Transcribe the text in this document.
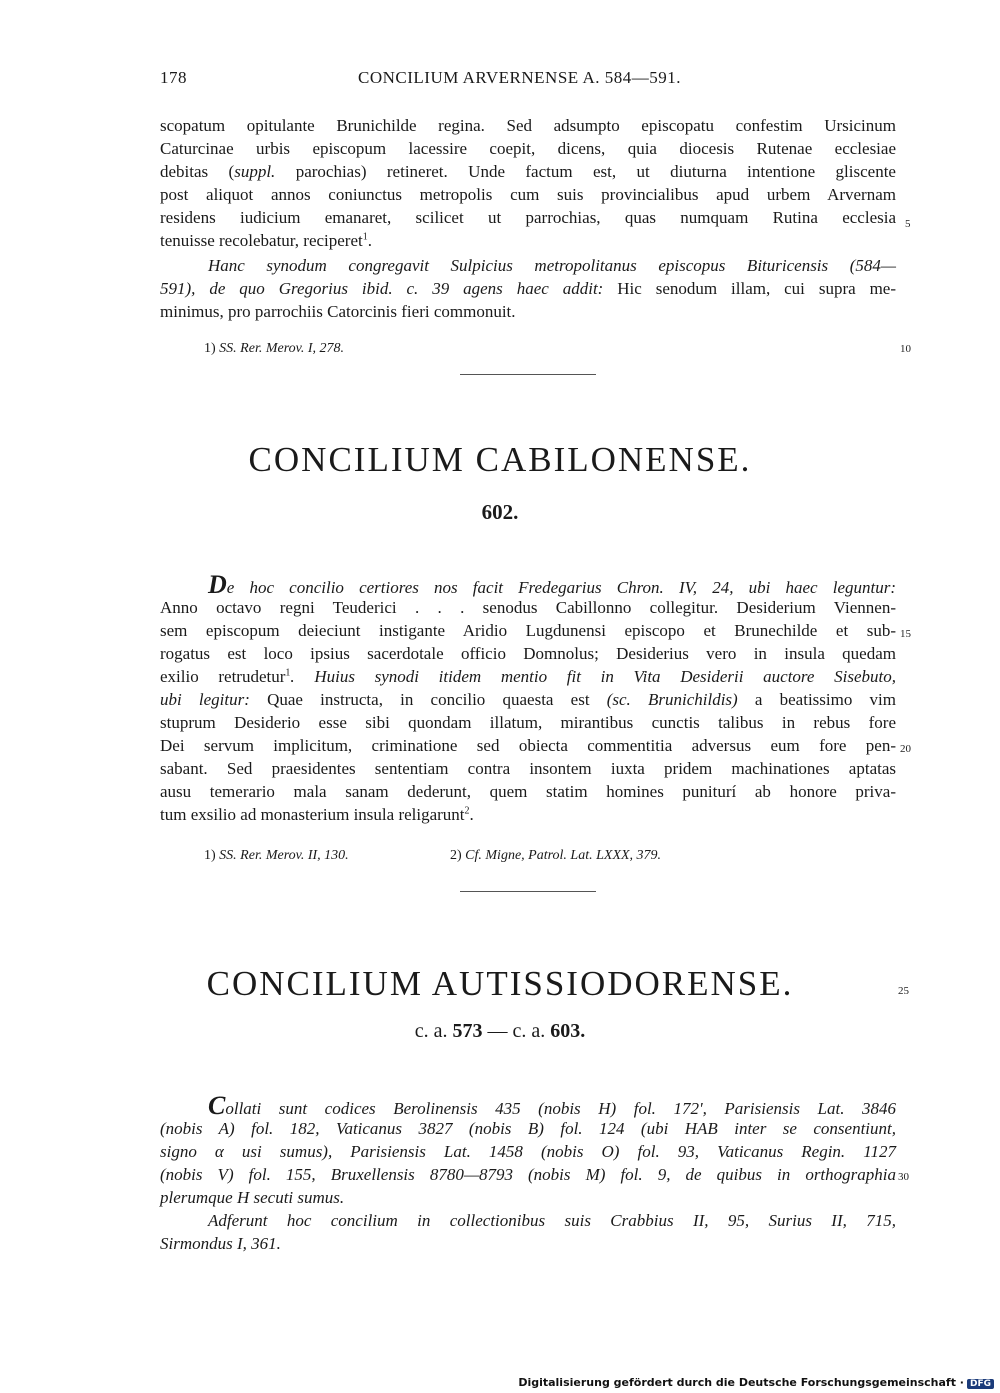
178	CONCILIUM ARVERNENSE A. 584—591.
scopatum opitulante Brunichilde regina. Sed adsumpto episcopatu confestim Ursicinum
Caturcinae urbis episcopum lacessire coepit, dicens, quia diocesis Rutenae ecclesiae
debitas (suppl. parochias) retineret. Unde factum est, ut diuturna intentione gliscente
post aliquot annos coniunctus metropolis cum suis provincialibus apud urbem Arvernam
residens iudicium emanaret, scilicet ut parrochias, quas numquam Rutina ecclesia
tenuisse recolebatur, reciperet$^1$.
Hanc synodum congregavit Sulpicius metropolitanus episcopus Bituricensis (584—
591), de quo Gregorius ibid. c. 39 agens haec addit: Hic senodum illam, cui supra me-
minimus, pro parrochiis Catorcinis fieri commonuit.
5
1) SS. Rer. Merov. I, 278.	10
CONCILIUM CABILONENSE.
602.
De hoc concilio certiores nos facit Fredegarius Chron. IV, 24, ubi haec leguntur:
Anno octavo regni Teuderici . . . senodus Cabillonno collegitur. Desiderium Viennen-
sem episcopum deieciunt instigante Aridio Lugdunensi episcopo et Brunechilde et sub-
rogatus est loco ipsius sacerdotale officio Domnolus; Desiderius vero in insula quedam
exilio retrudetur$^1$. Huius synodi itidem mentio fit in Vita Desiderii auctore Sisebuto,
ubi legitur: Quae instructa, in concilio quaesta est (sc. Brunichildis) a beatissimo vim
stuprum Desiderio esse sibi quondam illatum, mirantibus cunctis talibus in rebus fore
Dei servum implicitum, criminatione sed obiecta commentitia adversus eum fore pen-
sabant. Sed praesidentes sententiam contra insontem iuxta pridem machinationes aptatas
ausu temerario mala sanam dederunt, quem statim homines puniturí ab honore priva-
tum exsilio ad monasterium insula religarunt$^2$.
15
20
1) SS. Rer. Merov. II, 130.	2) Cf. Migne, Patrol. Lat. LXXX, 379.
CONCILIUM AUTISSIODORENSE.	25
c. a. 573 — c. a. 603.
Collati sunt codices Berolinensis 435 (nobis H) fol. 172', Parisiensis Lat. 3846
(nobis A) fol. 182, Vaticanus 3827 (nobis B) fol. 124 (ubi HAB inter se consentiunt,
signo α usi sumus), Parisiensis Lat. 1458 (nobis O) fol. 93, Vaticanus Regin. 1127
(nobis V) fol. 155, Bruxellensis 8780—8793 (nobis M) fol. 9, de quibus in orthographia
plerumque H secuti sumus.
Adferunt hoc concilium in collectionibus suis Crabbius II, 95, Surius II, 715,
Sirmondus I, 361.
30
Digitalisierung gefördert durch die Deutsche Forschungsgemeinschaft · DFG
